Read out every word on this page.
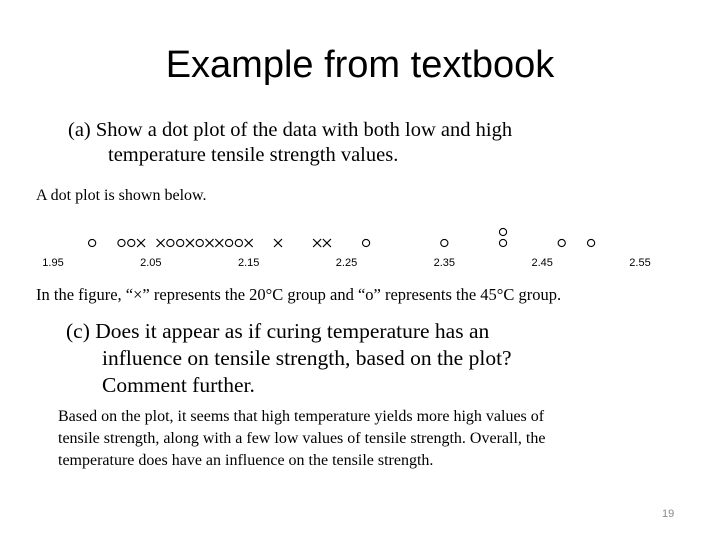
Example from textbook
(a) Show a dot plot of the data with both low and high
temperature tensile strength values.
A dot plot is shown below.
1.95	2.05	2.15	2.25	2.35	2.45	2.55
In the figure, “×” represents the 20°C group and “o” represents the 45°C group.
(c) Does it appear as if curing temperature has an
influence on tensile strength, based on the plot?
Comment further.
Based on the plot, it seems that high temperature yields more high values of
tensile strength, along with a few low values of tensile strength. Overall, the
temperature does have an influence on the tensile strength.
19
